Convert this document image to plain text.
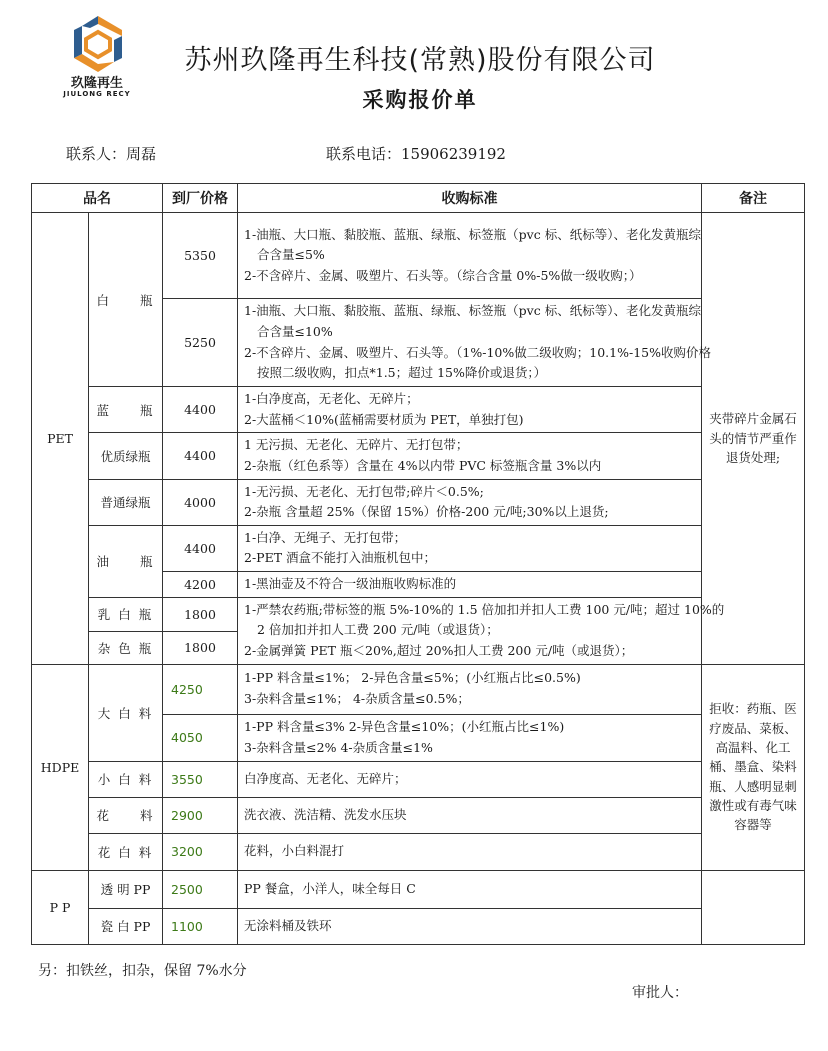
玖隆再生
JIULONG RECY
苏州玖隆再生科技(常熟)股份有限公司
采购报价单
联系人：周磊	联系电话：15906239192
品名		到厂价格	收购标准	备注
PET	白　　瓶	5350	1-油瓶、大口瓶、黏胶瓶、蓝瓶、绿瓶、标签瓶（pvc 标、纸标等）、老化发黄瓶综
合含量≤5%
2-不含碎片、金属、吸塑片、石头等。（综合含量 0%-5%做一级收购；）	夹带碎片金属石头的情节严重作退货处理;
		5250	1-油瓶、大口瓶、黏胶瓶、蓝瓶、绿瓶、标签瓶（pvc 标、纸标等）、老化发黄瓶综
合含量≤10%
2-不含碎片、金属、吸塑片、石头等。（1%-10%做二级收购；10.1%-15%收购价格
按照二级收购，扣点*1.5；超过 15%降价或退货；）	

	蓝　　瓶	4400	1-白净度高，无老化、无碎片；
2-大蓝桶＜10%(蓝桶需要材质为 PET，单独打包)	

	优质绿瓶	4400	1 无污损、无老化、无碎片、无打包带；
2-杂瓶（红色系等）含量在 4%以内带 PVC 标签瓶含量 3%以内	

	普通绿瓶	4000	1-无污损、无老化、无打包带;碎片＜0.5%;
2-杂瓶 含量超 25%（保留 15%）价格-200 元/吨;30%以上退货;	

	油　　瓶	4400	1-白净、无绳子、无打包带；
2-PET 酒盒不能打入油瓶机包中；	

		4200	1-黑油壶及不符合一级油瓶收购标准的	

	乳 白 瓶	1800	1-严禁农药瓶;带标签的瓶 5%-10%的 1.5 倍加扣并扣人工费 100 元/吨；超过 10%的
2 倍加扣并扣人工费 200 元/吨（或退货）；
2-金属弹簧 PET 瓶＜20%,超过 20%扣人工费 200 元/吨（或退货）；	

	杂 色 瓶	1800		

HDPE	大 白 料	4250	1-PP 料含量≤1%； 2-异色含量≤5%；(小红瓶占比≤0.5%)
3-杂料含量≤1%； 4-杂质含量≤0.5%；	拒收：药瓶、医疗废品、菜板、高温料、化工桶、墨盒、染料瓶、人感明显刺激性或有毒气味容器等
		4050	1-PP 料含量≤3% 2-异色含量≤10%；(小红瓶占比≤1%)
3-杂料含量≤2% 4-杂质含量≤1%	

	小 白 料	3550	白净度高、无老化、无碎片；	

	花　　料	2900	洗衣液、洗洁精、洗发水压块	

	花 白 料	3200	花料，小白料混打	

P P	透 明 PP	2500	PP 餐盒，小洋人，味全每日 C	

	瓷 白 PP	1100	无涂料桶及铁环	
另：扣铁丝，扣杂，保留 7%水分
审批人：
